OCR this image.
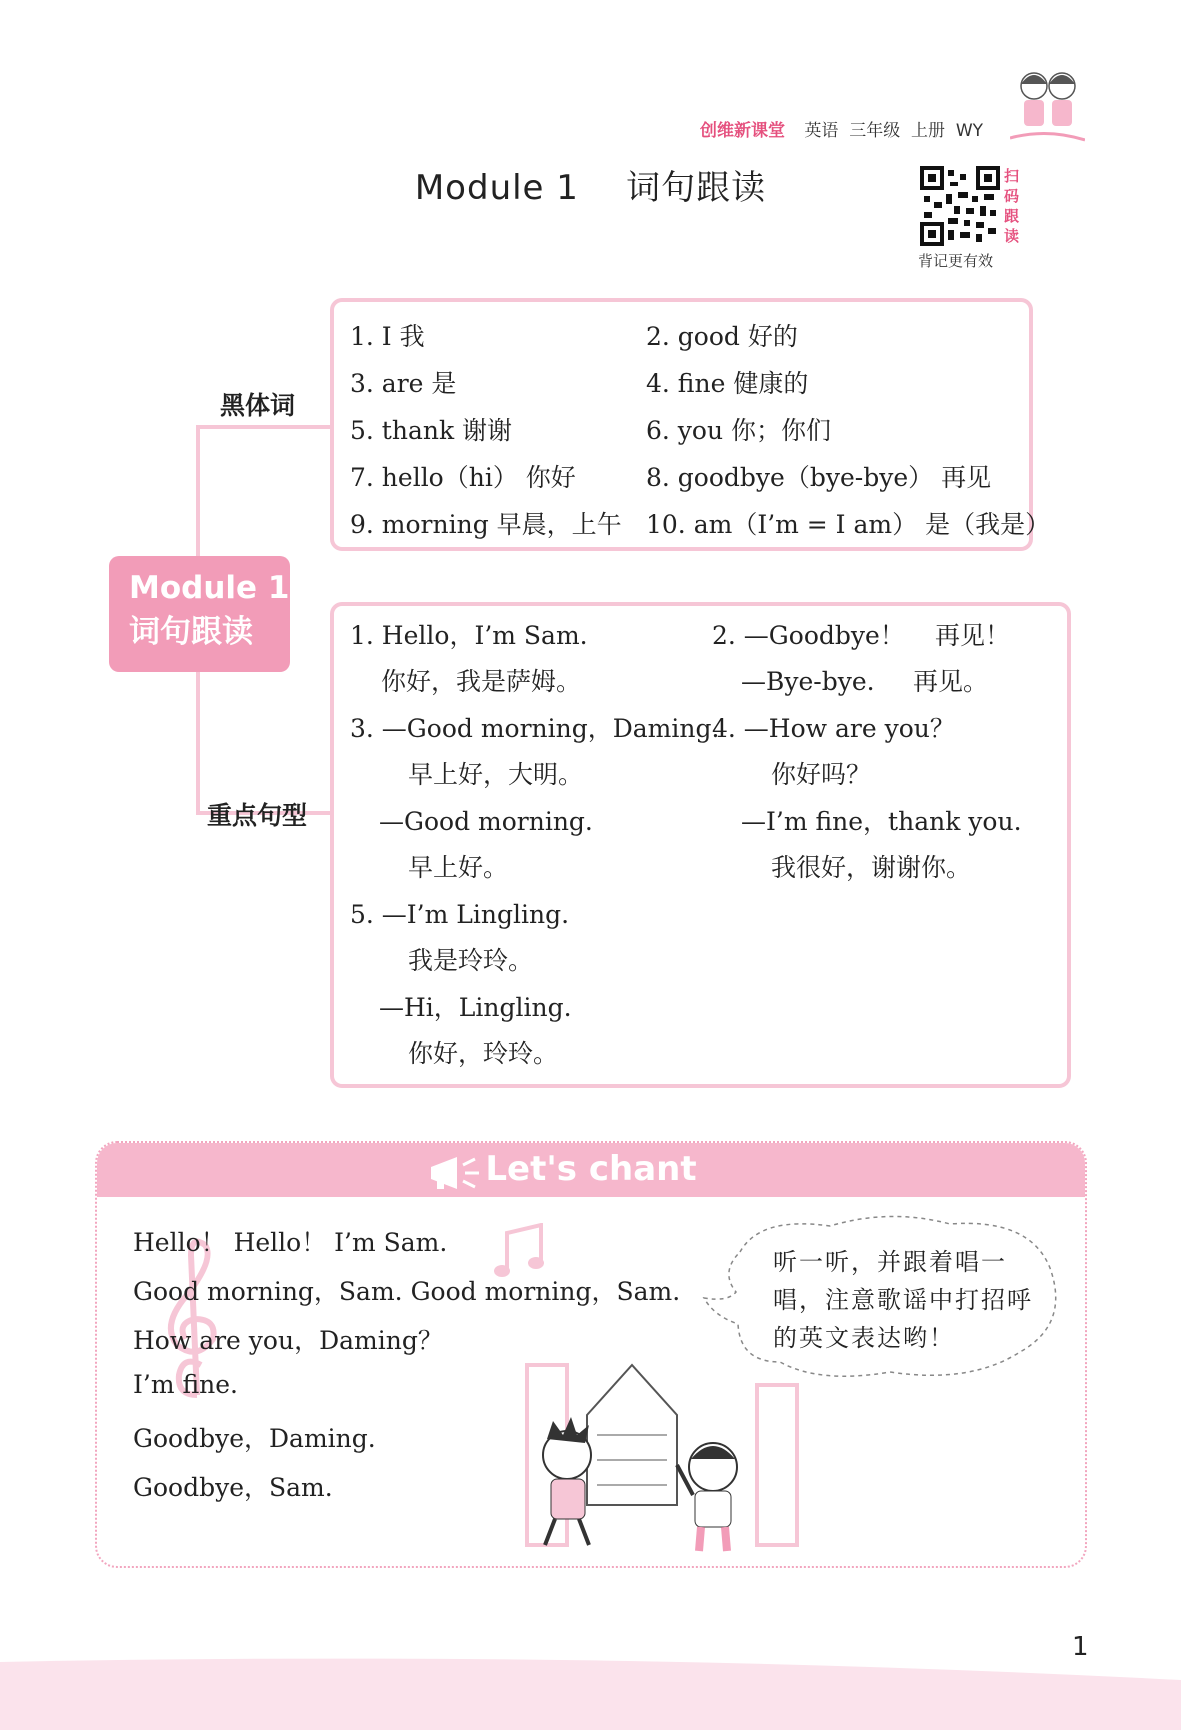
创维新课堂 英语 三年级 上册 WY
Module 1 词句跟读	扫码跟读
背记更有效
黑体词
重点句型
Module 1
词句跟读
1. I 我	2. good 好的
3. are 是	4. fine 健康的
5. thank 谢谢	6. you 你；你们
7. hello（hi） 你好	8. goodbye（bye-bye） 再见
9. morning 早晨，上午 10. am（I’m = I am） 是（我是）
1. Hello，I’m Sam.
你好，我是萨姆。
2. —Goodbye！ 再见！
—Bye-bye. 再见。
3. —Good morning，Daming.
早上好，大明。
—Good morning.
早上好。
4. —How are you？
你好吗？
—I’m fine，thank you.
我很好，谢谢你。
5. —I’m Lingling.
我是玲玲。
—Hi，Lingling.
你好，玲玲。
Let's chant
Hello！ Hello！ I’m Sam.
Good morning，Sam. Good morning，Sam.
How are you，Daming？
I’m fine.
Goodbye，Daming.
Goodbye，Sam.
听一听，并跟着唱一唱，注意歌谣中打招呼的英文表达哟！
1
